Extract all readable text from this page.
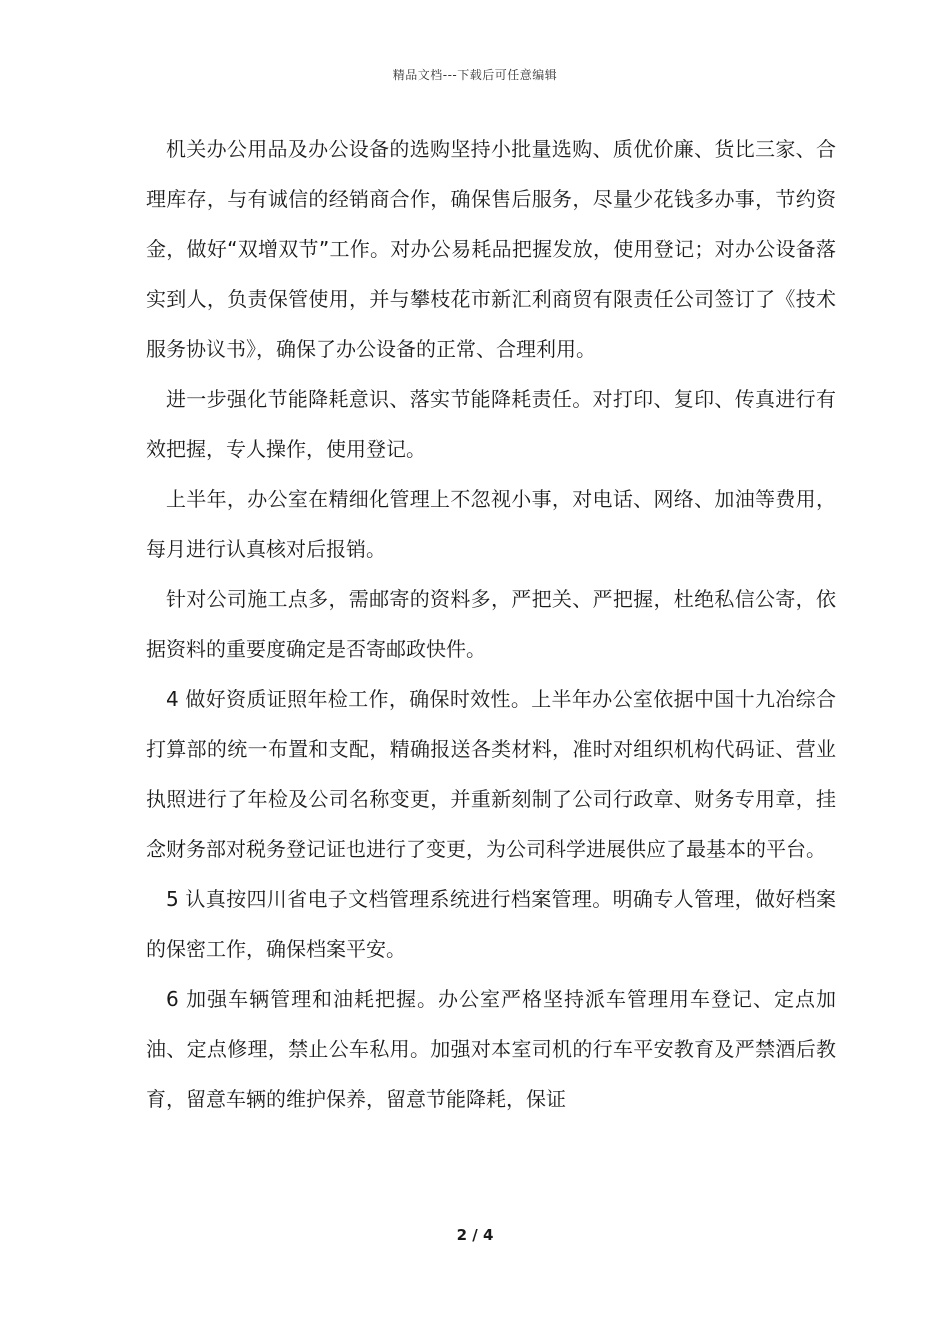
精品文档---下载后可任意编辑

机关办公用品及办公设备的选购坚持小批量选购、质优价廉、货比三家、合理库存，与有诚信的经销商合作，确保售后服务，尽量少花钱多办事，节约资金，做好“双增双节”工作。对办公易耗品把握发放，使用登记；对办公设备落实到人，负责保管使用，并与攀枝花市新汇利商贸有限责任公司签订了《技术服务协议书》，确保了办公设备的正常、合理利用。

进一步强化节能降耗意识、落实节能降耗责任。对打印、复印、传真进行有效把握，专人操作，使用登记。

上半年，办公室在精细化管理上不忽视小事，对电话、网络、加油等费用，每月进行认真核对后报销。

针对公司施工点多，需邮寄的资料多，严把关、严把握，杜绝私信公寄，依据资料的重要度确定是否寄邮政快件。

4 做好资质证照年检工作，确保时效性。上半年办公室依据中国十九冶综合打算部的统一布置和支配，精确报送各类材料，准时对组织机构代码证、营业执照进行了年检及公司名称变更，并重新刻制了公司行政章、财务专用章，挂念财务部对税务登记证也进行了变更，为公司科学进展供应了最基本的平台。

5 认真按四川省电子文档管理系统进行档案管理。明确专人管理，做好档案的保密工作，确保档案平安。

6 加强车辆管理和油耗把握。办公室严格坚持派车管理用车登记、定点加油、定点修理，禁止公车私用。加强对本室司机的行车平安教育及严禁酒后教育，留意车辆的维护保养，留意节能降耗，保证

2 / 4
